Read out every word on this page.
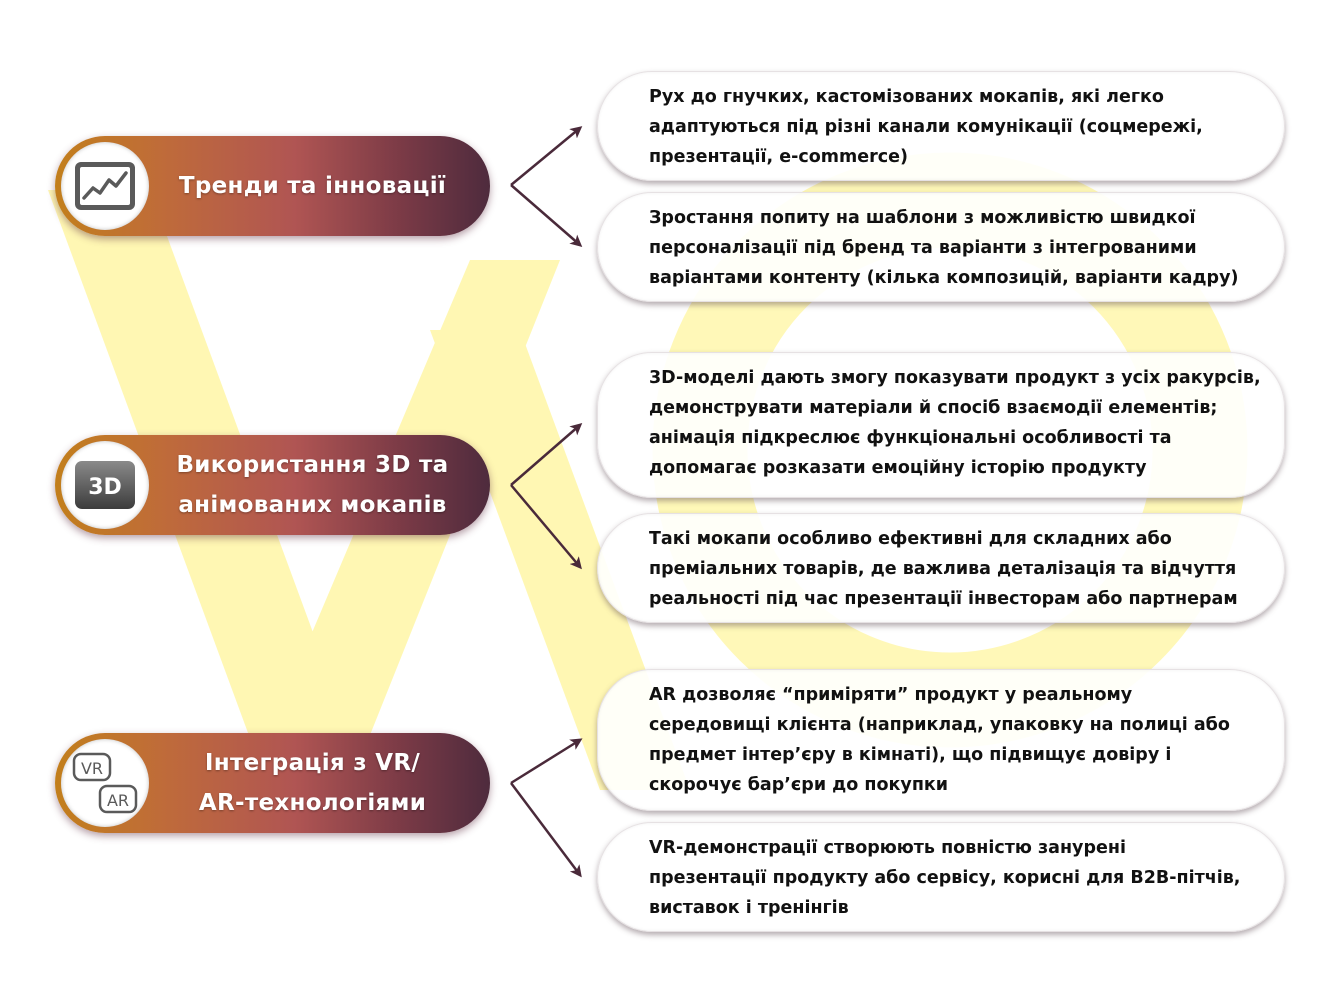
Тренди та інновації
3D
Використання 3D та
анімованих мокапів
VR
AR
Інтеграція з VR/
AR-технологіями
Рух до гнучких, кастомізованих мокапів, які легко
адаптуються під різні канали комунікації (соцмережі,
презентації, e-commerce)
Зростання попиту на шаблони з можливістю швидкої
персоналізації під бренд та варіанти з інтегрованими
варіантами контенту (кілька композицій, варіанти кадру)
3D-моделі дають змогу показувати продукт з усіх ракурсів,
демонструвати матеріали й спосіб взаємодії елементів;
анімація підкреслює функціональні особливості та
допомагає розказати емоційну історію продукту
Такі мокапи особливо ефективні для складних або
преміальних товарів, де важлива деталізація та відчуття
реальності під час презентації інвесторам або партнерам
AR дозволяє “приміряти” продукт у реальному
середовищі клієнта (наприклад, упаковку на полиці або
предмет інтер’єру в кімнаті), що підвищує довіру і
скорочує бар’єри до покупки
VR-демонстрації створюють повністю занурені
презентації продукту або сервісу, корисні для B2B-пітчів,
виставок і тренінгів
